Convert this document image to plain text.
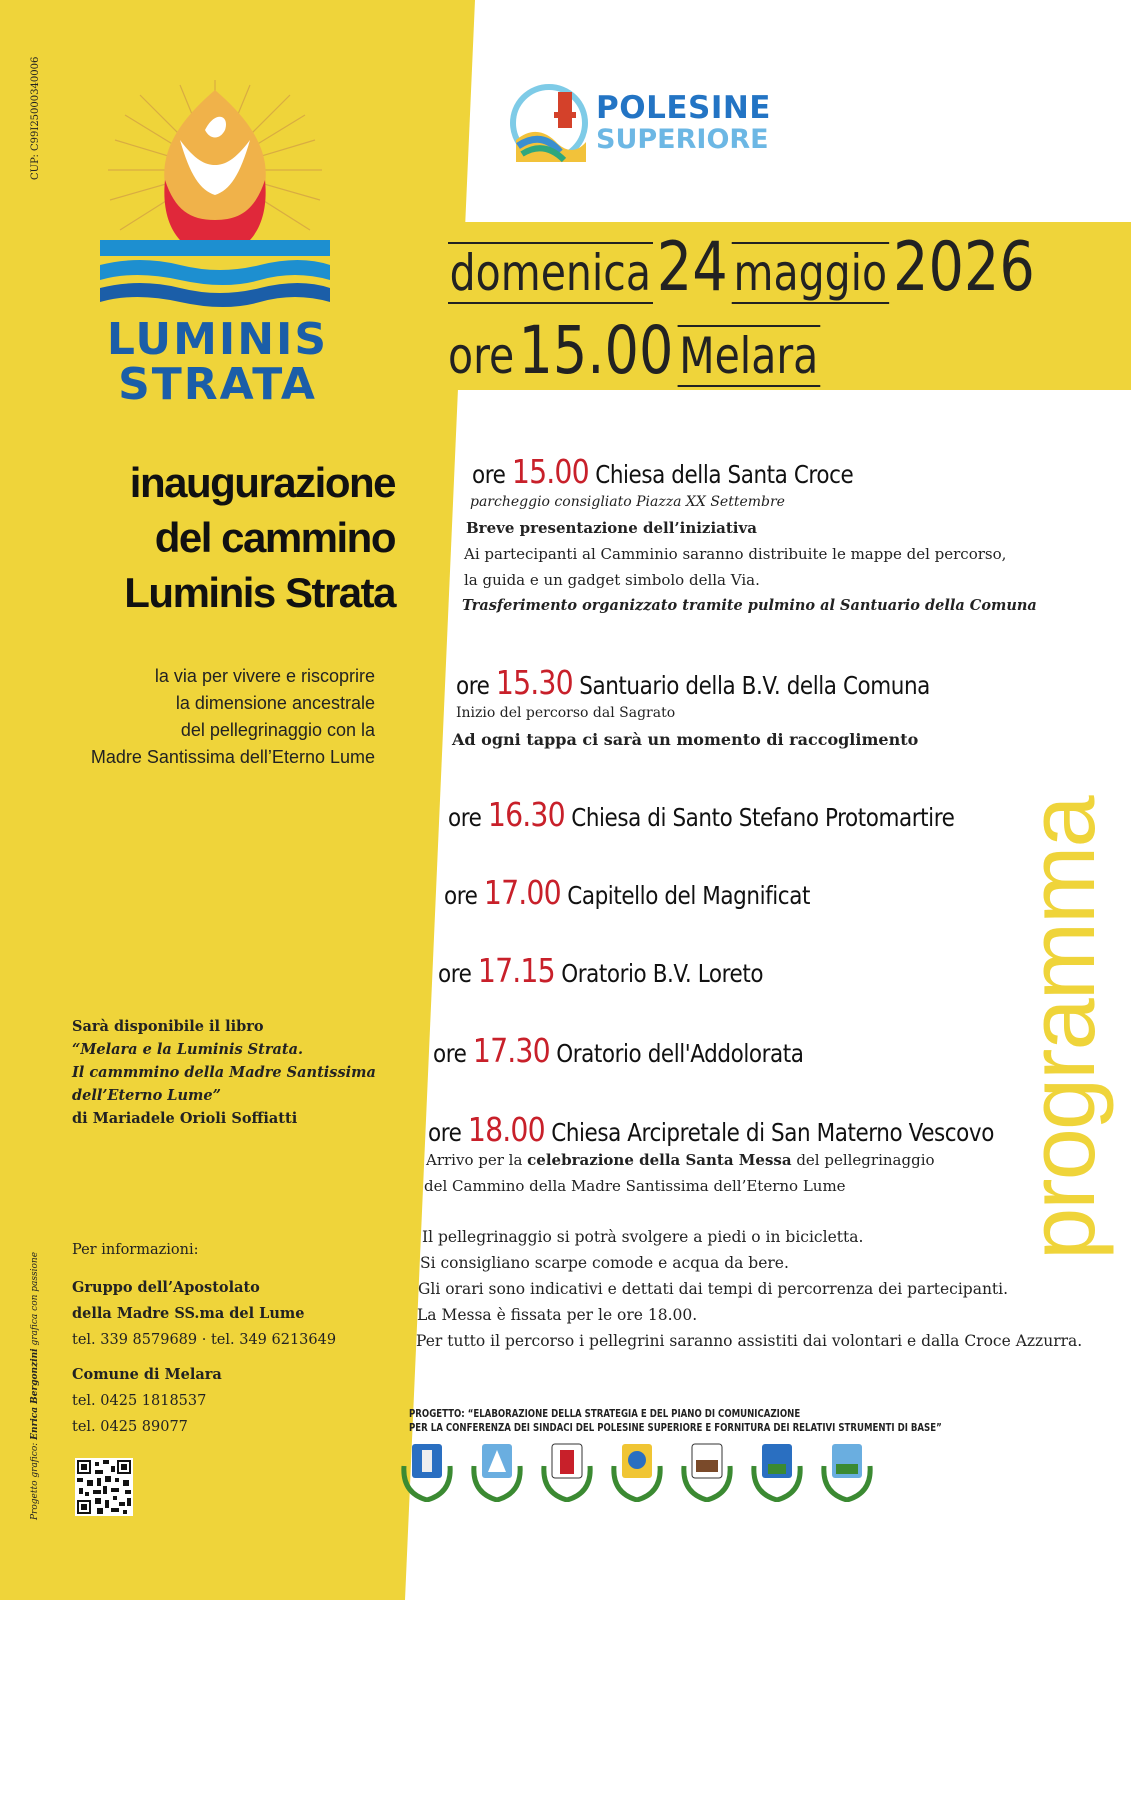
CUP: C99I25000340006
LUMINIS
STRATA
POLESINE
SUPERIORE
domenica 24 maggio 2026
ore 15.00 Melara
inaugurazione
del cammino
Luminis Strata
la via per vivere e riscoprire
la dimensione ancestrale
del pellegrinaggio con la
Madre Santissima dell’Eterno Lume
programma
ore 15.00 Chiesa della Santa Croce
parcheggio consigliato Piazza XX Settembre
Breve presentazione dell’iniziativa
Ai partecipanti al Camminio saranno distribuite le mappe del percorso,
la guida e un gadget simbolo della Via.
Trasferimento organizzato tramite pulmino al Santuario della Comuna
ore 15.30 Santuario della B.V. della Comuna
Inizio del percorso dal Sagrato
Ad ogni tappa ci sarà un momento di raccoglimento
ore 16.30 Chiesa di Santo Stefano Protomartire
ore 17.00 Capitello del Magnificat
ore 17.15 Oratorio B.V. Loreto
ore 17.30 Oratorio dell'Addolorata
ore 18.00 Chiesa Arcipretale di San Materno Vescovo
Arrivo per la celebrazione della Santa Messa del pellegrinaggio
del Cammino della Madre Santissima dell’Eterno Lume
Il pellegrinaggio si potrà svolgere a piedi o in bicicletta.
Si consigliano scarpe comode e acqua da bere.
Gli orari sono indicativi e dettati dai tempi di percorrenza dei partecipanti.
La Messa è fissata per le ore 18.00.
Per tutto il percorso i pellegrini saranno assistiti dai volontari e dalla Croce Azzurra.
Sarà disponibile il libro
“Melara e la Luminis Strata.
Il cammmino della Madre Santissima
dell’Eterno Lume”
di Mariadele Orioli Soffiatti
Per informazioni:
Gruppo dell’Apostolato
della Madre SS.ma del Lume
tel. 339 8579689 · tel. 349 6213649
Comune di Melara
tel. 0425 1818537
tel. 0425 89077
Progetto grafico: Enrica Bergonzini grafica con passione
PROGETTO: “ELABORAZIONE DELLA STRATEGIA E DEL PIANO DI COMUNICAZIONE
PER LA CONFERENZA DEI SINDACI DEL POLESINE SUPERIORE E FORNITURA DEI RELATIVI STRUMENTI DI BASE”
